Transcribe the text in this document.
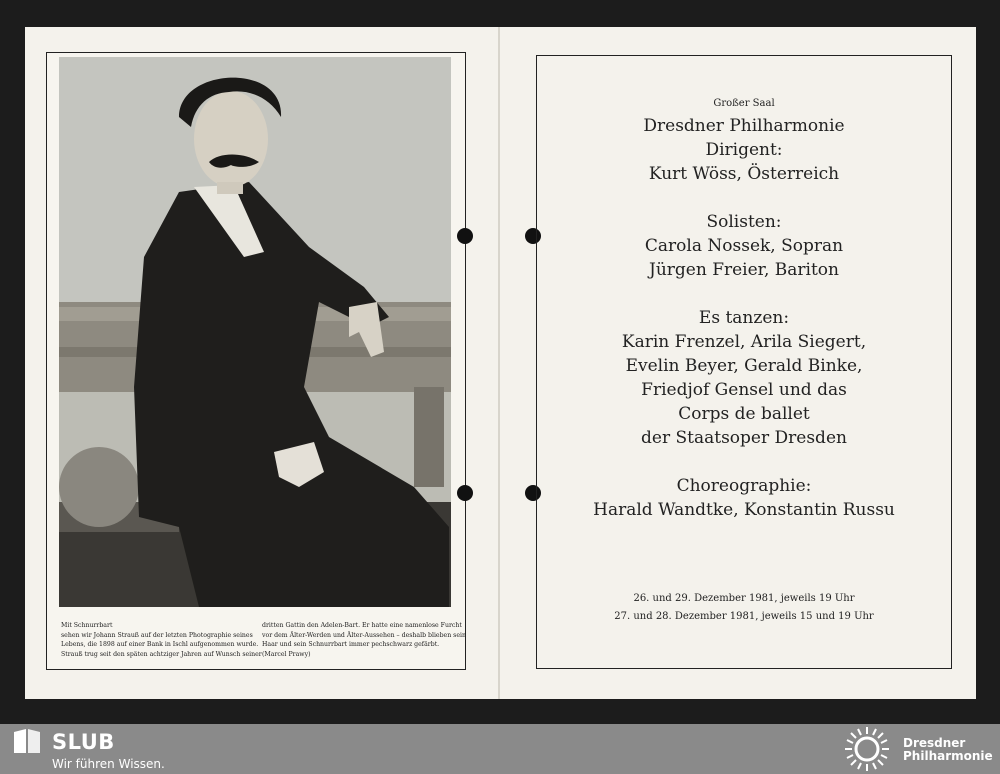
Mit Schnurrbart
sehen wir Johann Strauß auf der letzten Photographie seines
Lebens, die 1898 auf einer Bank in Ischl aufgenommen wurde.
Strauß trug seit den späten achtziger Jahren auf Wunsch seiner
dritten Gattin den Adelen-Bart. Er hatte eine namenlose Furcht
vor dem Älter-Werden und Älter-Aussehen – deshalb blieben sein
Haar und sein Schnurrbart immer pechschwarz gefärbt.
(Marcel Prawy)
Großer Saal
Dresdner Philharmonie
Dirigent:
Kurt Wöss, Österreich
Solisten:
Carola Nossek, Sopran
Jürgen Freier, Bariton
Es tanzen:
Karin Frenzel, Arila Siegert,
Evelin Beyer, Gerald Binke,
Friedjof Gensel und das
Corps de ballet
der Staatsoper Dresden
Choreographie:
Harald Wandtke, Konstantin Russu
26. und 29. Dezember 1981, jeweils 19 Uhr
27. und 28. Dezember 1981, jeweils 15 und 19 Uhr
SLUB
Wir führen Wissen.
Dresdner
Philharmonie
